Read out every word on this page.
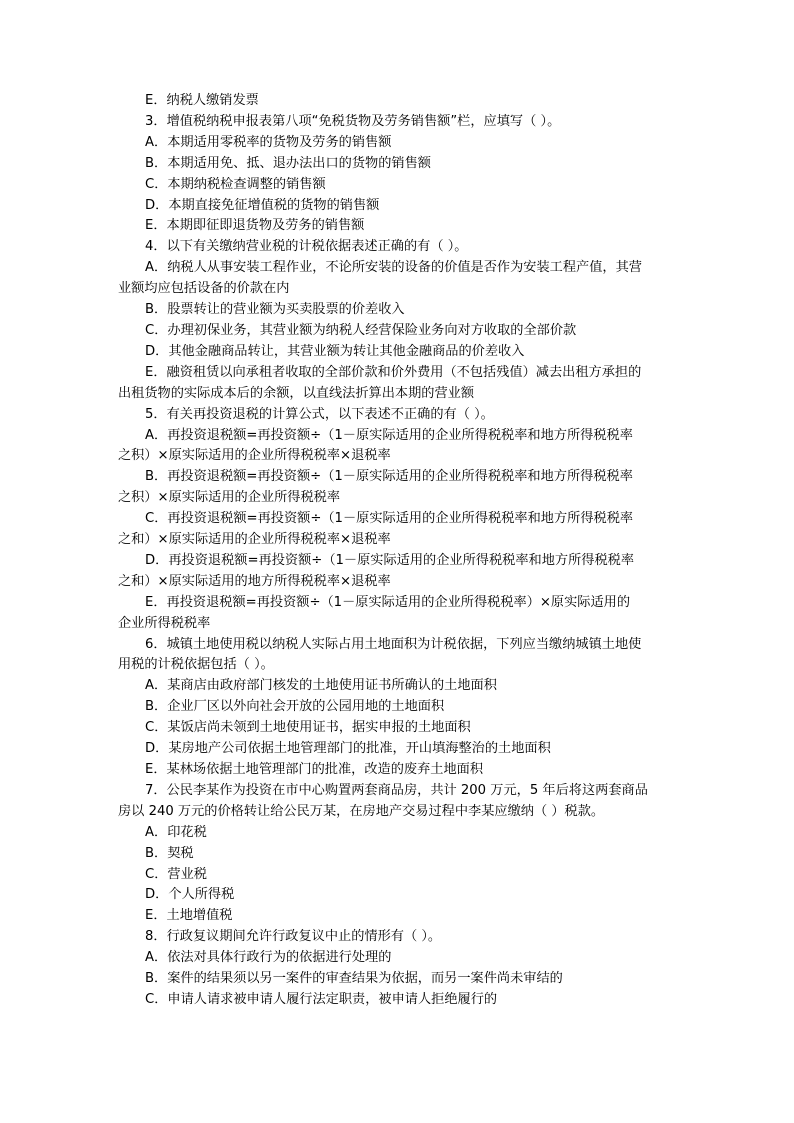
E．纳税人缴销发票
3．增值税纳税申报表第八项“免税货物及劳务销售额”栏，应填写（ ）。
A．本期适用零税率的货物及劳务的销售额
B．本期适用免、抵、退办法出口的货物的销售额
C．本期纳税检查调整的销售额
D．本期直接免征增值税的货物的销售额
E．本期即征即退货物及劳务的销售额
4．以下有关缴纳营业税的计税依据表述正确的有（ ）。
A．纳税人从事安装工程作业，不论所安装的设备的价值是否作为安装工程产值，其营
业额均应包括设备的价款在内
B．股票转让的营业额为买卖股票的价差收入
C．办理初保业务，其营业额为纳税人经营保险业务向对方收取的全部价款
D．其他金融商品转让，其营业额为转让其他金融商品的价差收入
E．融资租赁以向承租者收取的全部价款和价外费用（不包括残值）减去出租方承担的
出租货物的实际成本后的余额，以直线法折算出本期的营业额
5．有关再投资退税的计算公式，以下表述不正确的有（ ）。
A．再投资退税额=再投资额÷（1－原实际适用的企业所得税税率和地方所得税税率
之积）×原实际适用的企业所得税税率×退税率
B．再投资退税额=再投资额÷（1－原实际适用的企业所得税税率和地方所得税税率
之积）×原实际适用的企业所得税税率
C．再投资退税额=再投资额÷（1－原实际适用的企业所得税税率和地方所得税税率
之和）×原实际适用的企业所得税税率×退税率
D．再投资退税额=再投资额÷（1－原实际适用的企业所得税税率和地方所得税税率
之和）×原实际适用的地方所得税税率×退税率
E．再投资退税额=再投资额÷（1－原实际适用的企业所得税税率）×原实际适用的
企业所得税税率
6．城镇土地使用税以纳税人实际占用土地面积为计税依据，下列应当缴纳城镇土地使
用税的计税依据包括（ ）。
A．某商店由政府部门核发的土地使用证书所确认的土地面积
B．企业厂区以外向社会开放的公园用地的土地面积
C．某饭店尚未领到土地使用证书，据实申报的土地面积
D．某房地产公司依据土地管理部门的批准，开山填海整治的土地面积
E．某林场依据土地管理部门的批准，改造的废弃土地面积
7．公民李某作为投资在市中心购置两套商品房，共计 200 万元，5 年后将这两套商品
房以 240 万元的价格转让给公民万某，在房地产交易过程中李某应缴纳（ ）税款。
A．印花税
B．契税
C．营业税
D．个人所得税
E．土地增值税
8．行政复议期间允许行政复议中止的情形有（ ）。
A．依法对具体行政行为的依据进行处理的
B．案件的结果须以另一案件的审查结果为依据，而另一案件尚未审结的
C．申请人请求被申请人履行法定职责，被申请人拒绝履行的
